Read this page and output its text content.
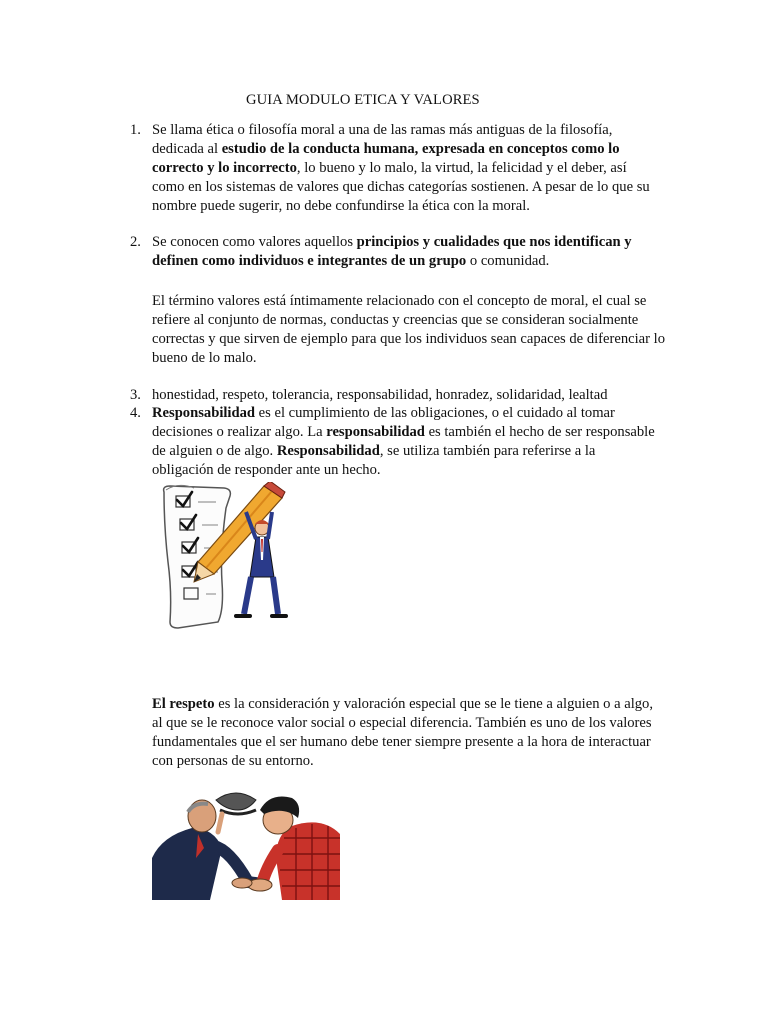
GUIA MODULO ETICA Y VALORES
1. Se llama ética o filosofía moral a una de las ramas más antiguas de la filosofía, dedicada al estudio de la conducta humana, expresada en conceptos como lo correcto y lo incorrecto, lo bueno y lo malo, la virtud, la felicidad y el deber, así como en los sistemas de valores que dichas categorías sostienen. A pesar de lo que su nombre puede sugerir, no debe confundirse la ética con la moral.
2. Se conocen como valores aquellos principios y cualidades que nos identifican y definen como individuos e integrantes de un grupo o comunidad.
El término valores está íntimamente relacionado con el concepto de moral, el cual se refiere al conjunto de normas, conductas y creencias que se consideran socialmente correctas y que sirven de ejemplo para que los individuos sean capaces de diferenciar lo bueno de lo malo.
3. honestidad, respeto, tolerancia, responsabilidad, honradez, solidaridad, lealtad
4. Responsabilidad es el cumplimiento de las obligaciones, o el cuidado al tomar decisiones o realizar algo. La responsabilidad es también el hecho de ser responsable de alguien o de algo. Responsabilidad, se utiliza también para referirse a la obligación de responder ante un hecho.
El respeto es la consideración y valoración especial que se le tiene a alguien o a algo, al que se le reconoce valor social o especial diferencia. También es uno de los valores fundamentales que el ser humano debe tener siempre presente a la hora de interactuar con personas de su entorno.
